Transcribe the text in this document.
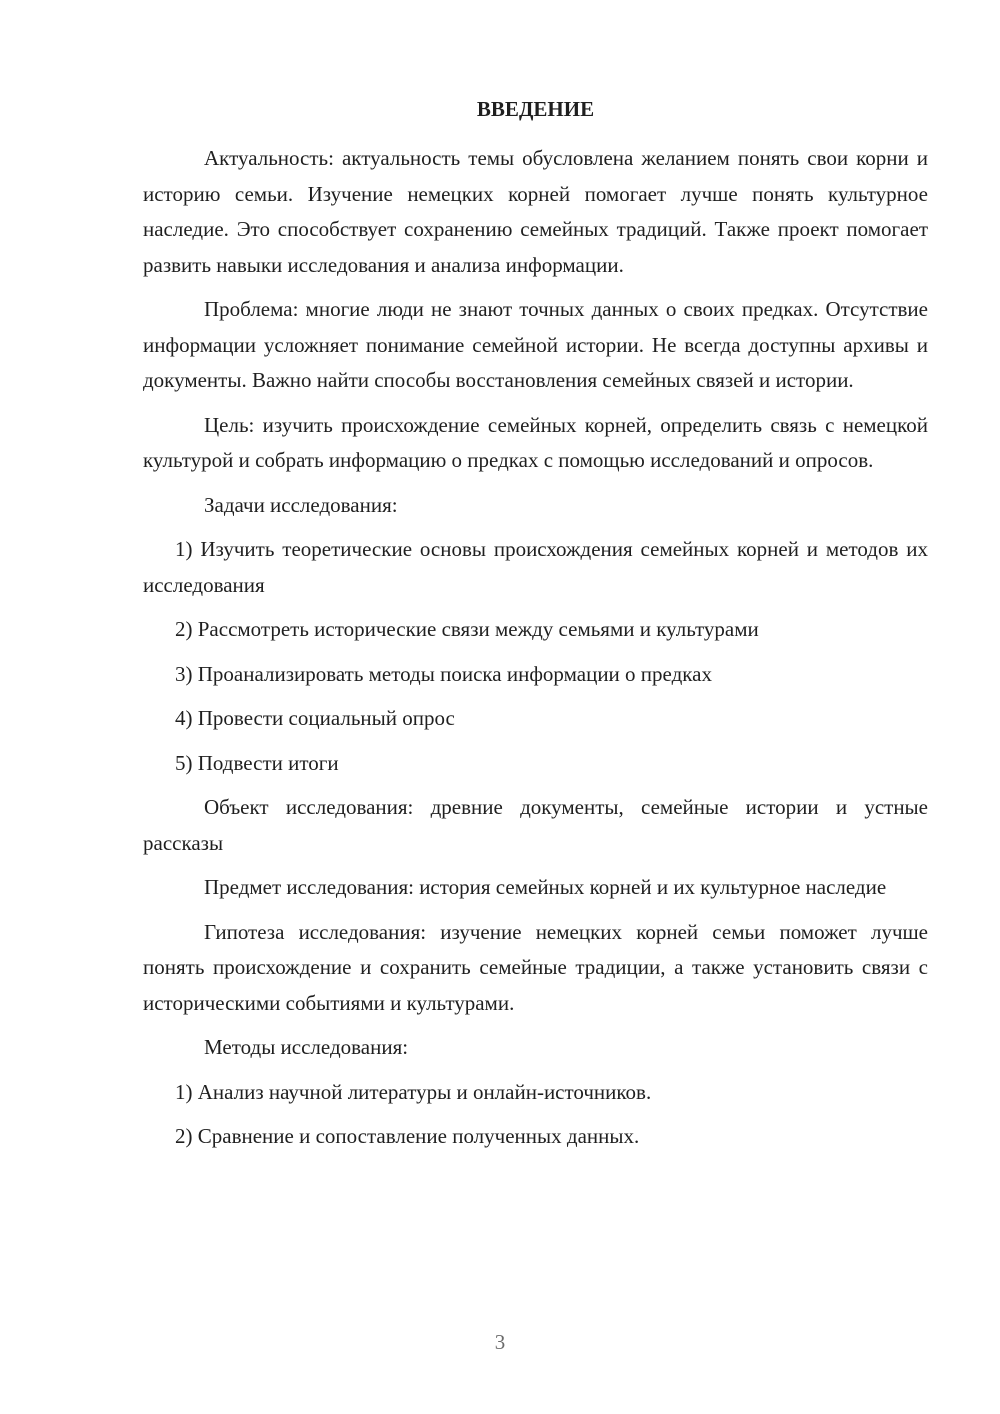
ВВЕДЕНИЕ

Актуальность: актуальность темы обусловлена желанием понять свои корни и историю семьи. Изучение немецких корней помогает лучше понять культурное наследие. Это способствует сохранению семейных традиций. Также проект помогает развить навыки исследования и анализа информации.

Проблема: многие люди не знают точных данных о своих предках. Отсутствие информации усложняет понимание семейной истории. Не всегда доступны архивы и документы. Важно найти способы восстановления семейных связей и истории.

Цель: изучить происхождение семейных корней, определить связь с немецкой культурой и собрать информацию о предках с помощью исследований и опросов.

Задачи исследования:

1) Изучить теоретические основы происхождения семейных корней и методов их исследования

2) Рассмотреть исторические связи между семьями и культурами

3) Проанализировать методы поиска информации о предках

4) Провести социальный опрос

5) Подвести итоги

Объект исследования: древние документы, семейные истории и устные рассказы

Предмет исследования: история семейных корней и их культурное наследие

Гипотеза исследования: изучение немецких корней семьи поможет лучше понять происхождение и сохранить семейные традиции, а также установить связи с историческими событиями и культурами.

Методы исследования:

1) Анализ научной литературы и онлайн-источников.

2) Сравнение и сопоставление полученных данных.

3
